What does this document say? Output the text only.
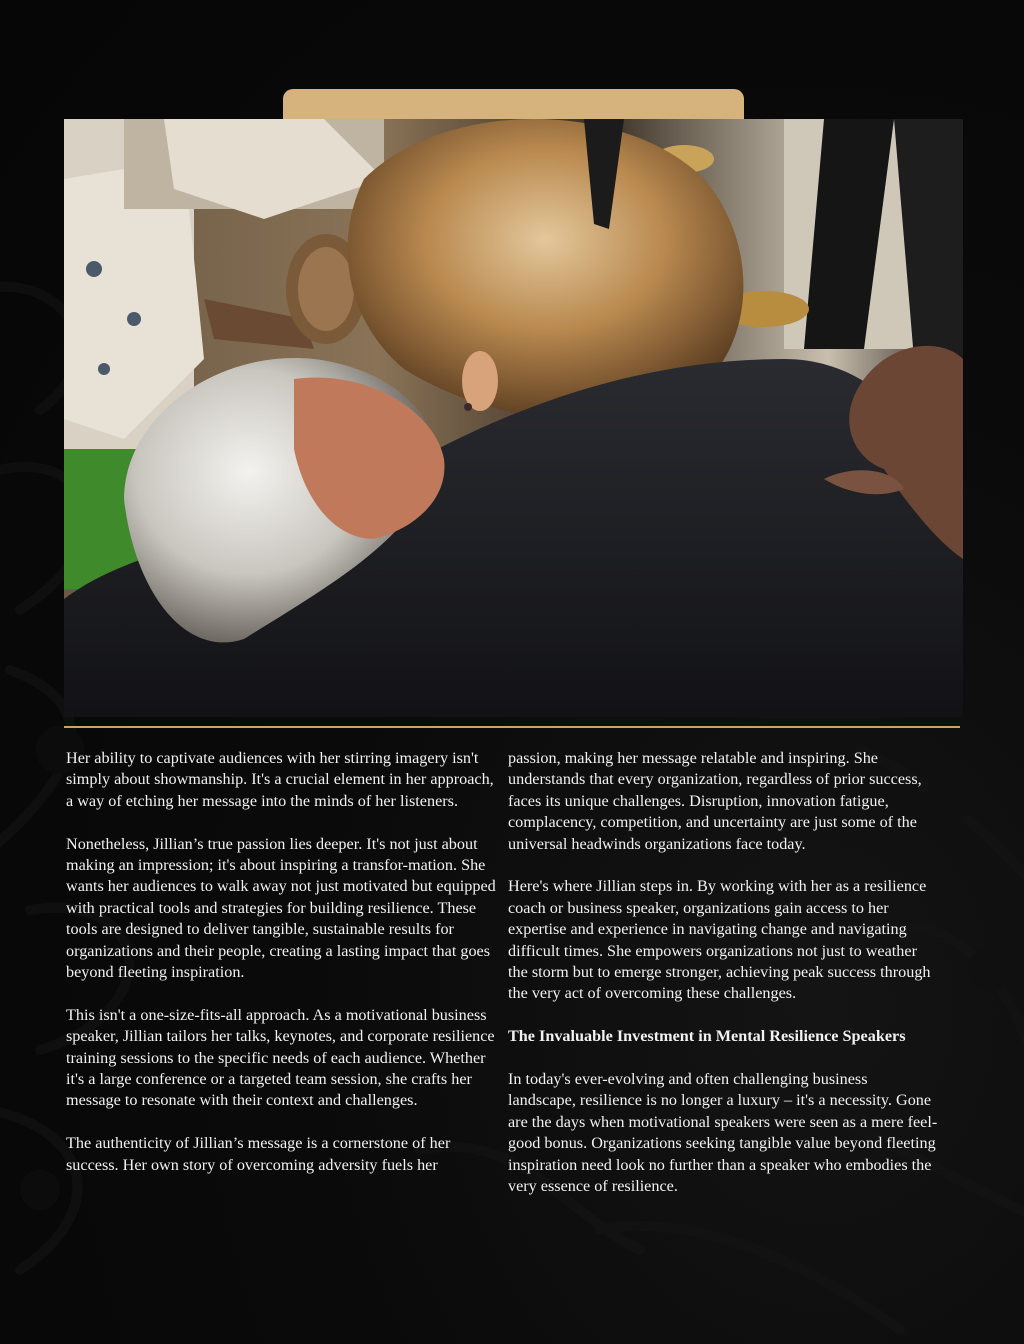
Her ability to captivate audiences with her stirring imagery isn't simply about showmanship. It's a crucial element in her approach, a way of etching her message into the minds of her listeners.

Nonetheless, Jillian’s true passion lies deeper. It's not just about making an impression; it's about inspiring a transfor-mation. She wants her audiences to walk away not just motivated but equipped with practical tools and strategies for building resilience. These tools are designed to deliver tangible, sustainable results for organizations and their people, creating a lasting impact that goes beyond fleeting inspiration.

This isn't a one-size-fits-all approach. As a motivational business speaker, Jillian tailors her talks, keynotes, and corporate resilience training sessions to the specific needs of each audience. Whether it's a large conference or a targeted team session, she crafts her message to resonate with their context and challenges.

The authenticity of Jillian’s message is a cornerstone of her success. Her own story of overcoming adversity fuels her

passion, making her message relatable and inspiring. She understands that every organization, regardless of prior success, faces its unique challenges. Disruption, innovation fatigue, complacency, competition, and uncertainty are just some of the universal headwinds organizations face today.

Here's where Jillian steps in. By working with her as a resilience coach or business speaker, organizations gain access to her expertise and experience in navigating change and navigating difficult times. She empowers organizations not just to weather the storm but to emerge stronger, achieving peak success through the very act of overcoming these challenges.

The Invaluable Investment in Mental Resilience Speakers

In today's ever-evolving and often challenging business landscape, resilience is no longer a luxury – it's a necessity. Gone are the days when motivational speakers were seen as a mere feel-good bonus. Organizations seeking tangible value beyond fleeting inspiration need look no further than a speaker who embodies the very essence of resilience.
